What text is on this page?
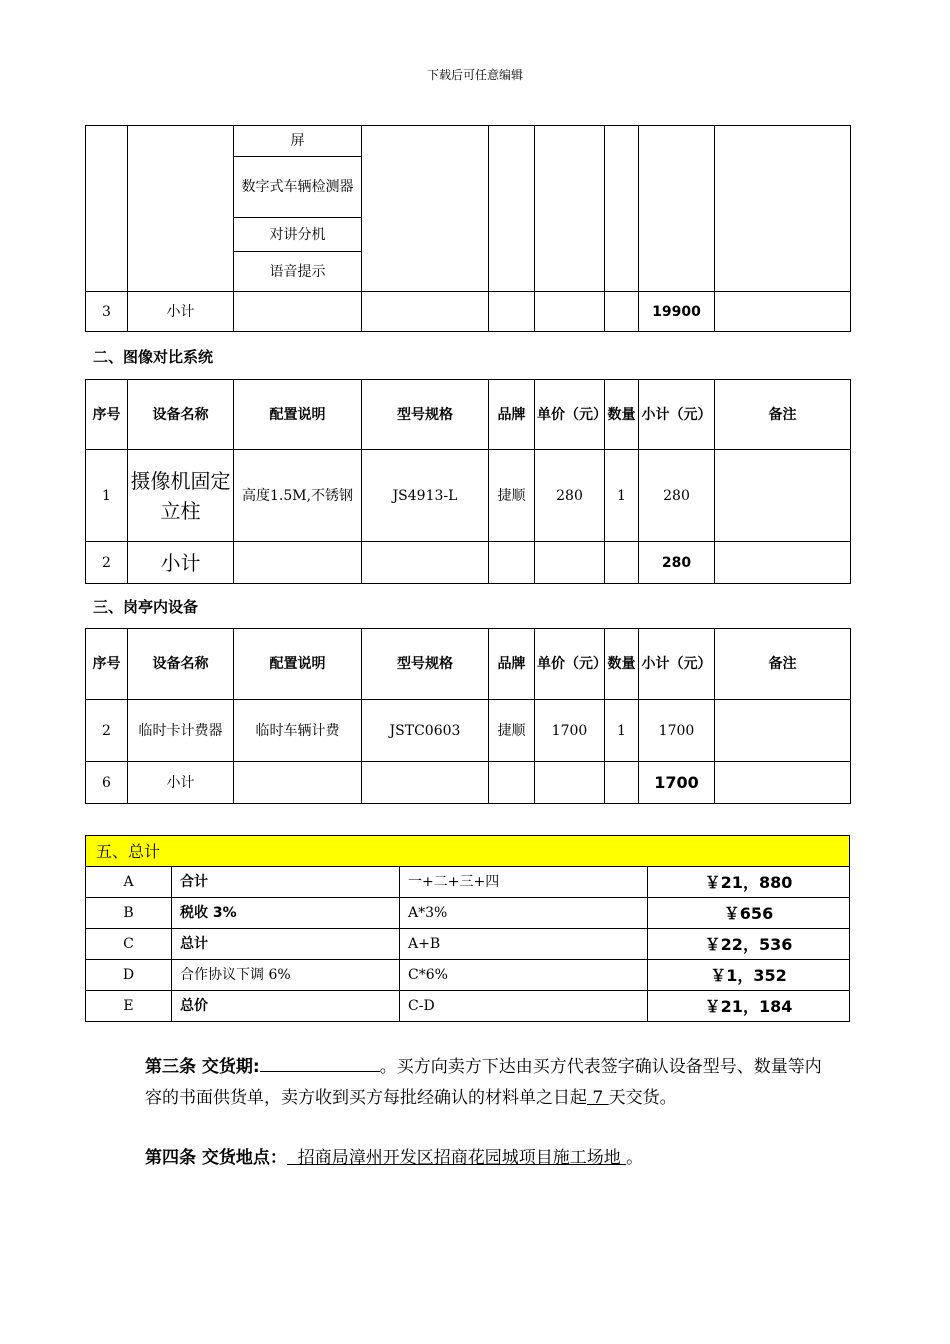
下载后可任意编辑
		屏						
		数字式车辆检测器						
		对讲分机						
		语音提示						
3	小计						19900	
二、图像对比系统
序号	设备名称	配置说明	型号规格	品牌	单价（元）	数量	小计（元）	备注
1	摄像机固定立柱	高度1.5M,不锈钢	JS4913-L	捷顺	280	1	280	
2	小计						280	
三、岗亭内设备
序号	设备名称	配置说明	型号规格	品牌	单价（元）	数量	小计（元）	备注
2	临时卡计费器	临时车辆计费	JSTC0603	捷顺	1700	1	1700	
6	小计						1700	
五、总计			
A	合计	一+二+三+四	￥21，880
B	税收 3%	A*3%	￥656
C	总计	A+B	￥22，536
D	合作协议下调 6%	C*6%	￥1，352
E	总价	C-D	￥21，184
第三条 交货期:	。买方向卖方下达由买方代表签字确认设备型号、数量等内容的书面供货单，卖方收到买方每批经确认的材料单之日起 7 天交货。
第四条 交货地点：  招商局漳州开发区招商花园城项目施工场地 。
